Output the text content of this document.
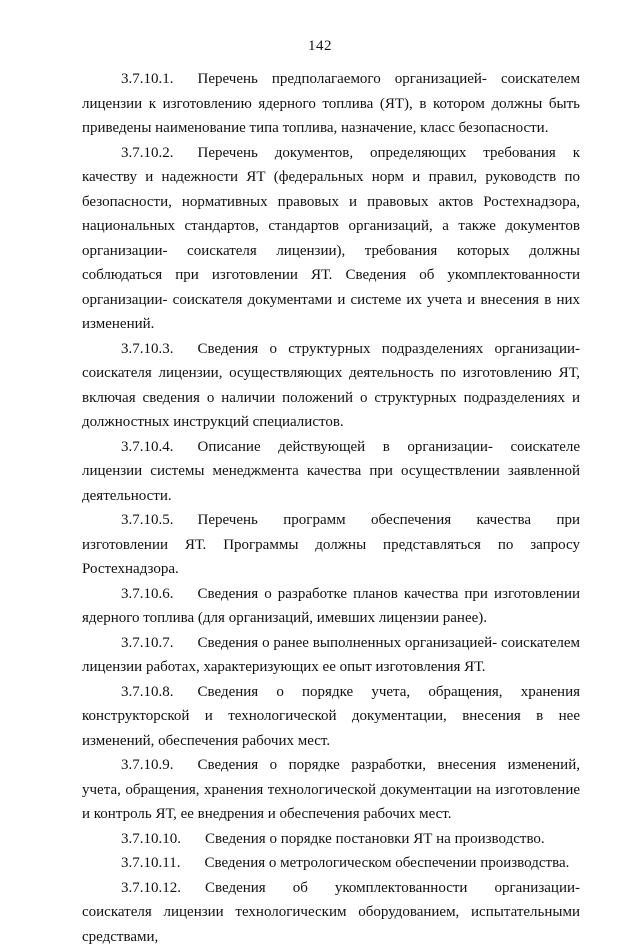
142

3.7.10.1. Перечень предполагаемого организацией- соискателем лицензии к изготовлению ядерного топлива (ЯТ), в котором должны быть приведены наименование типа топлива, назначение, класс безопасности.

3.7.10.2. Перечень документов, определяющих требования к качеству и надежности ЯТ (федеральных норм и правил, руководств по безопасности, нормативных правовых и правовых актов Ростехнадзора, национальных стандартов, стандартов организаций, а также документов организации- соискателя лицензии), требования которых должны соблюдаться при изготовлении ЯТ. Сведения об укомплектованности организации- соискателя документами и системе их учета и внесения в них изменений.

3.7.10.3. Сведения о структурных подразделениях организации- соискателя лицензии, осуществляющих деятельность по изготовлению ЯТ, включая сведения о наличии положений о структурных подразделениях и должностных инструкций специалистов.

3.7.10.4. Описание действующей в организации- соискателе лицензии системы менеджмента качества при осуществлении заявленной деятельности.

3.7.10.5. Перечень программ обеспечения качества при изготовлении ЯТ. Программы должны представляться по запросу Ростехнадзора.

3.7.10.6. Сведения о разработке планов качества при изготовлении ядерного топлива (для организаций, имевших лицензии ранее).

3.7.10.7. Сведения о ранее выполненных организацией- соискателем лицензии работах, характеризующих ее опыт изготовления ЯТ.

3.7.10.8. Сведения о порядке учета, обращения, хранения конструкторской и технологической документации, внесения в нее изменений, обеспечения рабочих мест.

3.7.10.9. Сведения о порядке разработки, внесения изменений, учета, обращения, хранения технологической документации на изготовление и контроль ЯТ, ее внедрения и обеспечения рабочих мест.

3.7.10.10. Сведения о порядке постановки ЯТ на производство.

3.7.10.11. Сведения о метрологическом обеспечении производства.

3.7.10.12. Сведения об укомплектованности организации- соискателя лицензии технологическим оборудованием, испытательными средствами,
